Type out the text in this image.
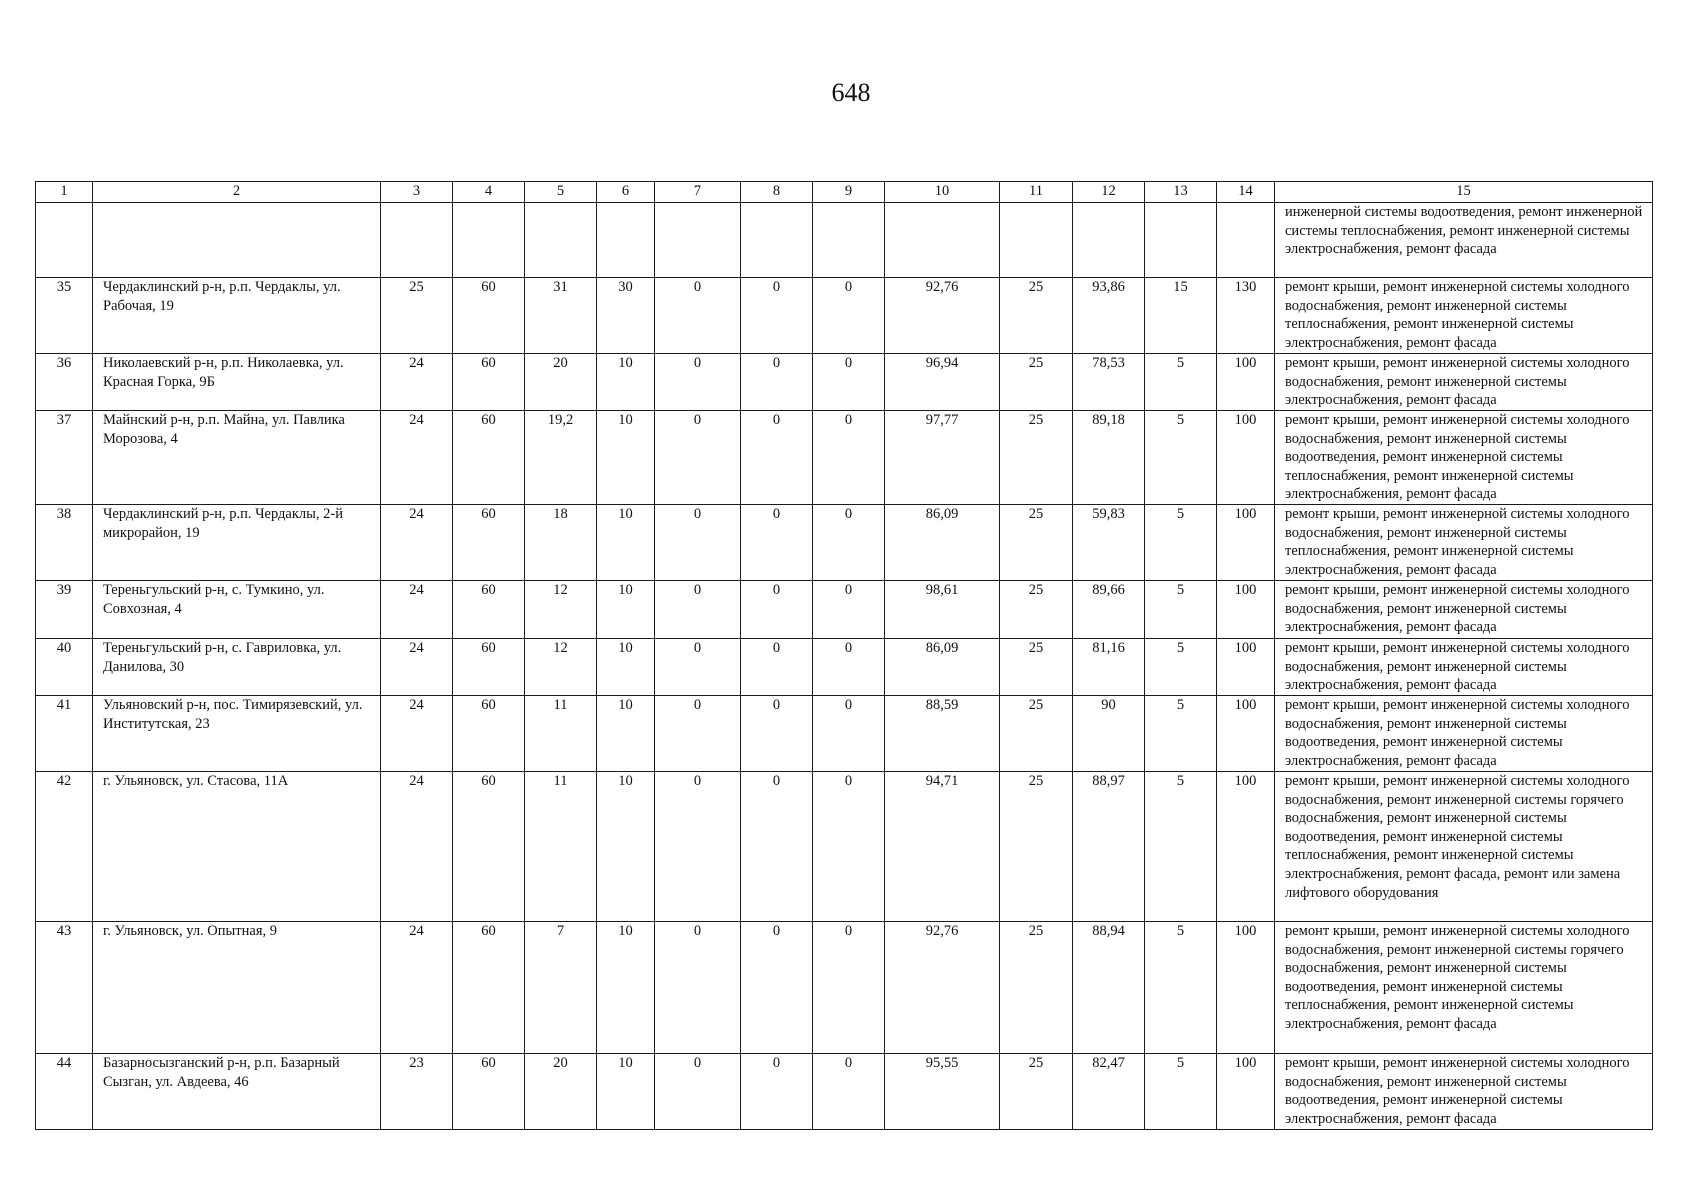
648
1	2	3	4	5	6	7	8	9	10	11	12	13	14	15
														инженерной системы водоотведения, ремонт инженерной системы теплоснабжения, ремонт инженерной системы электроснабжения, ремонт фасада
35	Чердаклинский р-н, р.п. Чердаклы, ул. Рабочая, 19	25	60	31	30	0	0	0	92,76	25	93,86	15	130	ремонт крыши, ремонт инженерной системы холодного водоснабжения, ремонт инженерной системы теплоснабжения, ремонт инженерной системы электроснабжения, ремонт фасада
36	Николаевский р-н, р.п. Николаевка, ул. Красная Горка, 9Б	24	60	20	10	0	0	0	96,94	25	78,53	5	100	ремонт крыши, ремонт инженерной системы холодного водоснабжения, ремонт инженерной системы электроснабжения, ремонт фасада
37	Майнский р-н, р.п. Майна, ул. Павлика Морозова, 4	24	60	19,2	10	0	0	0	97,77	25	89,18	5	100	ремонт крыши, ремонт инженерной системы холодного водоснабжения, ремонт инженерной системы водоотведения, ремонт инженерной системы теплоснабжения, ремонт инженерной системы электроснабжения, ремонт фасада
38	Чердаклинский р-н, р.п. Чердаклы, 2-й микрорайон, 19	24	60	18	10	0	0	0	86,09	25	59,83	5	100	ремонт крыши, ремонт инженерной системы холодного водоснабжения, ремонт инженерной системы теплоснабжения, ремонт инженерной системы электроснабжения, ремонт фасада
39	Тереньгульский р-н, с. Тумкино, ул. Совхозная, 4	24	60	12	10	0	0	0	98,61	25	89,66	5	100	ремонт крыши, ремонт инженерной системы холодного водоснабжения, ремонт инженерной системы электроснабжения, ремонт фасада
40	Тереньгульский р-н, с. Гавриловка, ул. Данилова, 30	24	60	12	10	0	0	0	86,09	25	81,16	5	100	ремонт крыши, ремонт инженерной системы холодного водоснабжения, ремонт инженерной системы электроснабжения, ремонт фасада
41	Ульяновский р-н, пос. Тимирязевский, ул. Институтская, 23	24	60	11	10	0	0	0	88,59	25	90	5	100	ремонт крыши, ремонт инженерной системы холодного водоснабжения, ремонт инженерной системы водоотведения, ремонт инженерной системы электроснабжения, ремонт фасада
42	г. Ульяновск, ул. Стасова, 11А	24	60	11	10	0	0	0	94,71	25	88,97	5	100	ремонт крыши, ремонт инженерной системы холодного водоснабжения, ремонт инженерной системы горячего водоснабжения, ремонт инженерной системы водоотведения, ремонт инженерной системы теплоснабжения, ремонт инженерной системы электроснабжения, ремонт фасада, ремонт или замена лифтового оборудования
43	г. Ульяновск, ул. Опытная, 9	24	60	7	10	0	0	0	92,76	25	88,94	5	100	ремонт крыши, ремонт инженерной системы холодного водоснабжения, ремонт инженерной системы горячего водоснабжения, ремонт инженерной системы водоотведения, ремонт инженерной системы теплоснабжения, ремонт инженерной системы электроснабжения, ремонт фасада
44	Базарносызганский р-н, р.п. Базарный Сызган, ул. Авдеева, 46	23	60	20	10	0	0	0	95,55	25	82,47	5	100	ремонт крыши, ремонт инженерной системы холодного водоснабжения, ремонт инженерной системы водоотведения, ремонт инженерной системы электроснабжения, ремонт фасада
